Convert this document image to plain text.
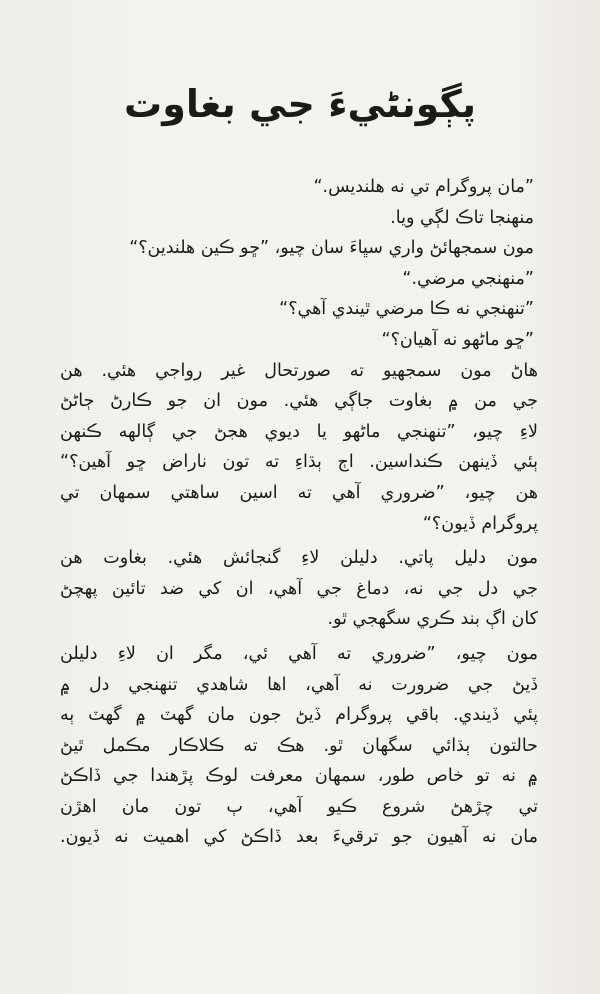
پڳونڻيءَ جي بغاوت
”مان پروگرام تي نه هلنديس.“
منهنجا تاڪ لڳي ويا.
مون سمجهائڻ واري سڀاءَ سان چيو، ”ڇو ڪين هلندين؟“
”منهنجي مرضي.“
”تنهنجي نه ڪا مرضي ٿيندي آهي؟“
”ڇو ماڻهو نه آهيان؟“
هاڻ مون سمجهيو ته صورتحال غير رواجي هئي. هن
جي من ۾ بغاوت جاڳي هئي. مون ان جو ڪارڻ ڄاڻڻ
لاءِ چيو، ”تنهنجي ماڻهو يا ديوي هجڻ جي ڳالهه ڪنهن
ٻئي ڏينهن ڪنداسين. اڄ ٻڌاءِ ته تون ناراض ڇو آهين؟“
هن چيو، ”ضروري آهي ته اسين ساهتي سمهان تي
پروگرام ڏيون؟“
مون دليل پاتي. دليلن لاءِ گنجائش هئي. بغاوت هن
جي دل جي نه، دماغ جي آهي، ان کي ضد تائين پهچڻ
کان اڳ بند ڪري سگهجي ٿو.
مون چيو، ”ضروري ته آهي ئي، مگر ان لاءِ دليلن
ڏيڻ جي ضرورت نه آهي، اها شاهدي تنهنجي دل ۾
پئي ڏيندي. باقي پروگرام ڏيڻ جون مان گهٽ ۾ گهٽ ٻه
حالتون ٻڌائي سگهان ٿو. هڪ ته ڪلاڪار مڪمل ٿيڻ
۾ نه تو خاص طور، سمهان معرفت لوڪ پڙهندا جي ڏاڪڻ
تي چڙهڻ شروع ڪيو آهي، ٻ تون مان اهڙن
مان نه آهيون جو ترقيءَ بعد ڏاڪڻ کي اهميت نه ڏيون.
